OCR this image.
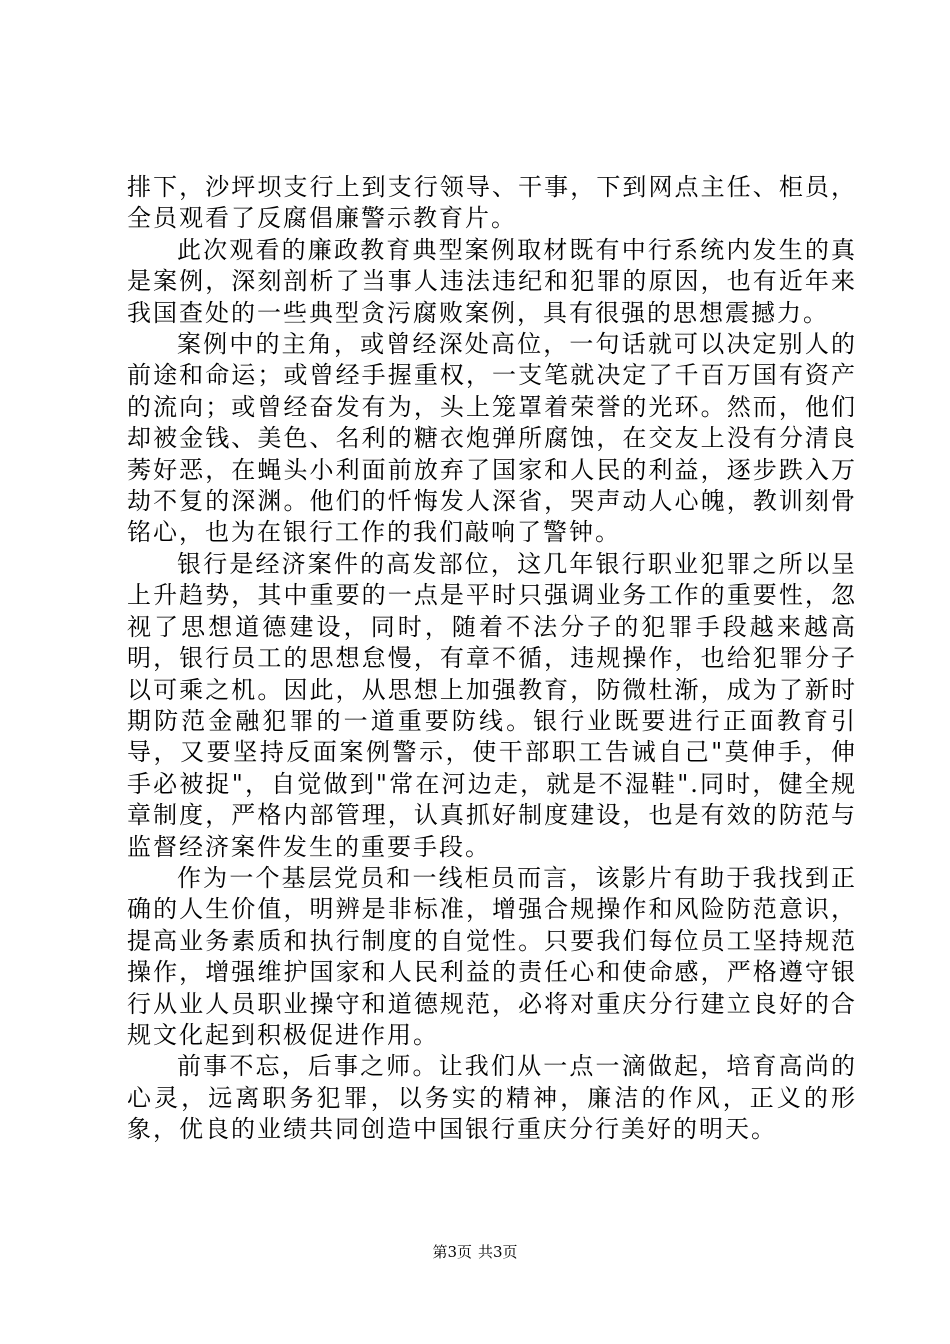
排下，沙坪坝支行上到支行领导、干事，下到网点主任、柜员，全员观看了反腐倡廉警示教育片。

此次观看的廉政教育典型案例取材既有中行系统内发生的真是案例，深刻剖析了当事人违法违纪和犯罪的原因，也有近年来我国查处的一些典型贪污腐败案例，具有很强的思想震撼力。

案例中的主角，或曾经深处高位，一句话就可以决定别人的前途和命运；或曾经手握重权，一支笔就决定了千百万国有资产的流向；或曾经奋发有为，头上笼罩着荣誉的光环。然而，他们却被金钱、美色、名利的糖衣炮弹所腐蚀，在交友上没有分清良莠好恶，在蝇头小利面前放弃了国家和人民的利益，逐步跌入万劫不复的深渊。他们的忏悔发人深省，哭声动人心魄，教训刻骨铭心，也为在银行工作的我们敲响了警钟。

银行是经济案件的高发部位，这几年银行职业犯罪之所以呈上升趋势，其中重要的一点是平时只强调业务工作的重要性，忽视了思想道德建设，同时，随着不法分子的犯罪手段越来越高明，银行员工的思想怠慢，有章不循，违规操作，也给犯罪分子以可乘之机。因此，从思想上加强教育，防微杜渐，成为了新时期防范金融犯罪的一道重要防线。银行业既要进行正面教育引导，又要坚持反面案例警示，使干部职工告诫自己"莫伸手，伸手必被捉"，自觉做到"常在河边走，就是不湿鞋".同时，健全规章制度，严格内部管理，认真抓好制度建设，也是有效的防范与监督经济案件发生的重要手段。

作为一个基层党员和一线柜员而言，该影片有助于我找到正确的人生价值，明辨是非标准，增强合规操作和风险防范意识，提高业务素质和执行制度的自觉性。只要我们每位员工坚持规范操作，增强维护国家和人民利益的责任心和使命感，严格遵守银行从业人员职业操守和道德规范，必将对重庆分行建立良好的合规文化起到积极促进作用。

前事不忘，后事之师。让我们从一点一滴做起，培育高尚的心灵，远离职务犯罪，以务实的精神，廉洁的作风，正义的形象，优良的业绩共同创造中国银行重庆分行美好的明天。

第3页 共3页
